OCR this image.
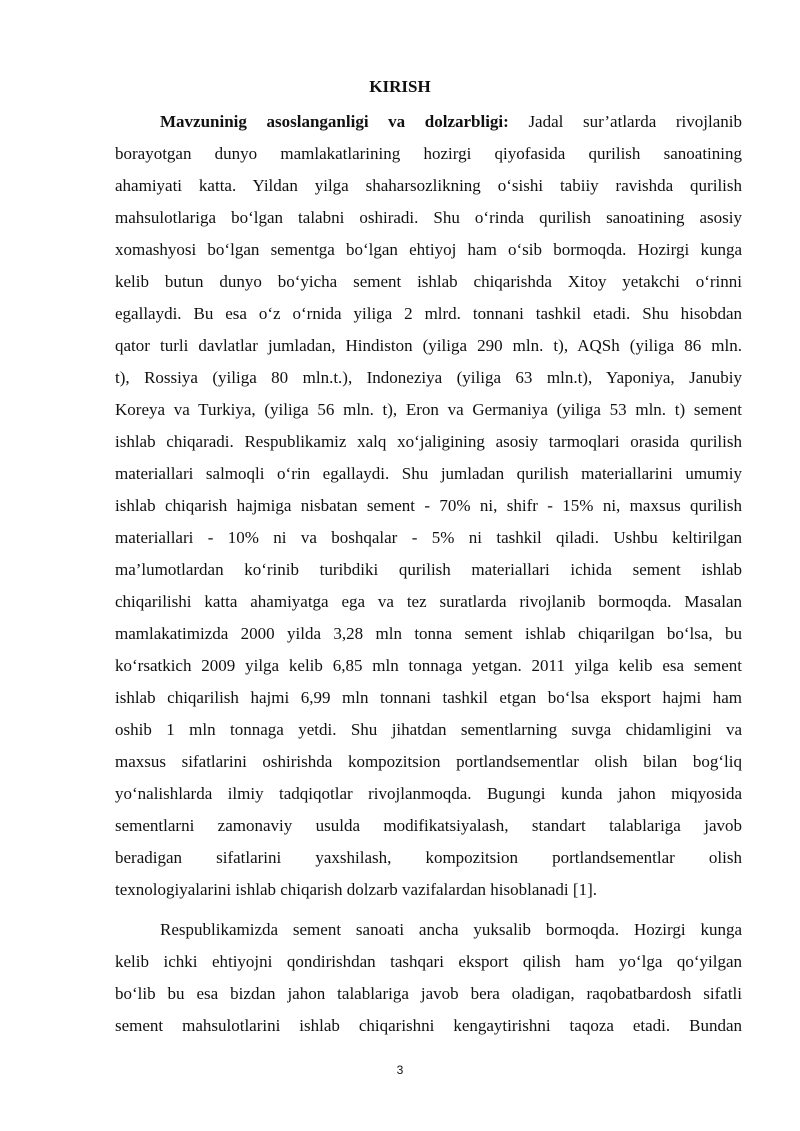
KIRISH
Mavzuninig asoslanganligi va dolzarbligi: Jadal sur’atlarda rivojlanib
borayotgan dunyo mamlakatlarining hozirgi qiyofasida qurilish sanoatining
ahamiyati katta. Yildan yilga shaharsozlikning o‘sishi tabiiy ravishda qurilish
mahsulotlariga bo‘lgan talabni oshiradi. Shu o‘rinda qurilish sanoatining asosiy
xomashyosi bo‘lgan sementga bo‘lgan ehtiyoj ham o‘sib bormoqda. Hozirgi kunga
kelib butun dunyo bo‘yicha sement ishlab chiqarishda Xitoy yetakchi o‘rinni
egallaydi. Bu esa o‘z o‘rnida yiliga 2 mlrd. tonnani tashkil etadi. Shu hisobdan
qator turli davlatlar jumladan, Hindiston (yiliga 290 mln. t), AQSh (yiliga 86 mln.
t), Rossiya (yiliga 80 mln.t.), Indoneziya (yiliga 63 mln.t), Yaponiya, Janubiy
Koreya va Turkiya, (yiliga 56 mln. t), Eron va Germaniya (yiliga 53 mln. t) sement
ishlab chiqaradi. Respublikamiz xalq xo‘jaligining asosiy tarmoqlari orasida qurilish
materiallari salmoqli o‘rin egallaydi. Shu jumladan qurilish materiallarini umumiy
ishlab chiqarish hajmiga nisbatan sement - 70% ni, shifr - 15% ni, maxsus qurilish
materiallari - 10% ni va boshqalar - 5% ni tashkil qiladi. Ushbu keltirilgan
ma’lumotlardan ko‘rinib turibdiki qurilish materiallari ichida sement ishlab
chiqarilishi katta ahamiyatga ega va tez suratlarda rivojlanib bormoqda. Masalan
mamlakatimizda 2000 yilda 3,28 mln tonna sement ishlab chiqarilgan bo‘lsa, bu
ko‘rsatkich 2009 yilga kelib 6,85 mln tonnaga yetgan. 2011 yilga kelib esa sement
ishlab chiqarilish hajmi 6,99 mln tonnani tashkil etgan bo‘lsa eksport hajmi ham
oshib 1 mln tonnaga yetdi. Shu jihatdan sementlarning suvga chidamligini va
maxsus sifatlarini oshirishda kompozitsion portlandsementlar olish bilan bog‘liq
yo‘nalishlarda ilmiy tadqiqotlar rivojlanmoqda. Bugungi kunda jahon miqyosida
sementlarni zamonaviy usulda modifikatsiyalash, standart talablariga javob
beradigan sifatlarini yaxshilash, kompozitsion portlandsementlar olish
texnologiyalarini ishlab chiqarish dolzarb vazifalardan hisoblanadi [1].
Respublikamizda sement sanoati ancha yuksalib bormoqda. Hozirgi kunga
kelib ichki ehtiyojni qondirishdan tashqari eksport qilish ham yo‘lga qo‘yilgan
bo‘lib bu esa bizdan jahon talablariga javob bera oladigan, raqobatbardosh sifatli
sement mahsulotlarini ishlab chiqarishni kengaytirishni taqoza etadi. Bundan
3
